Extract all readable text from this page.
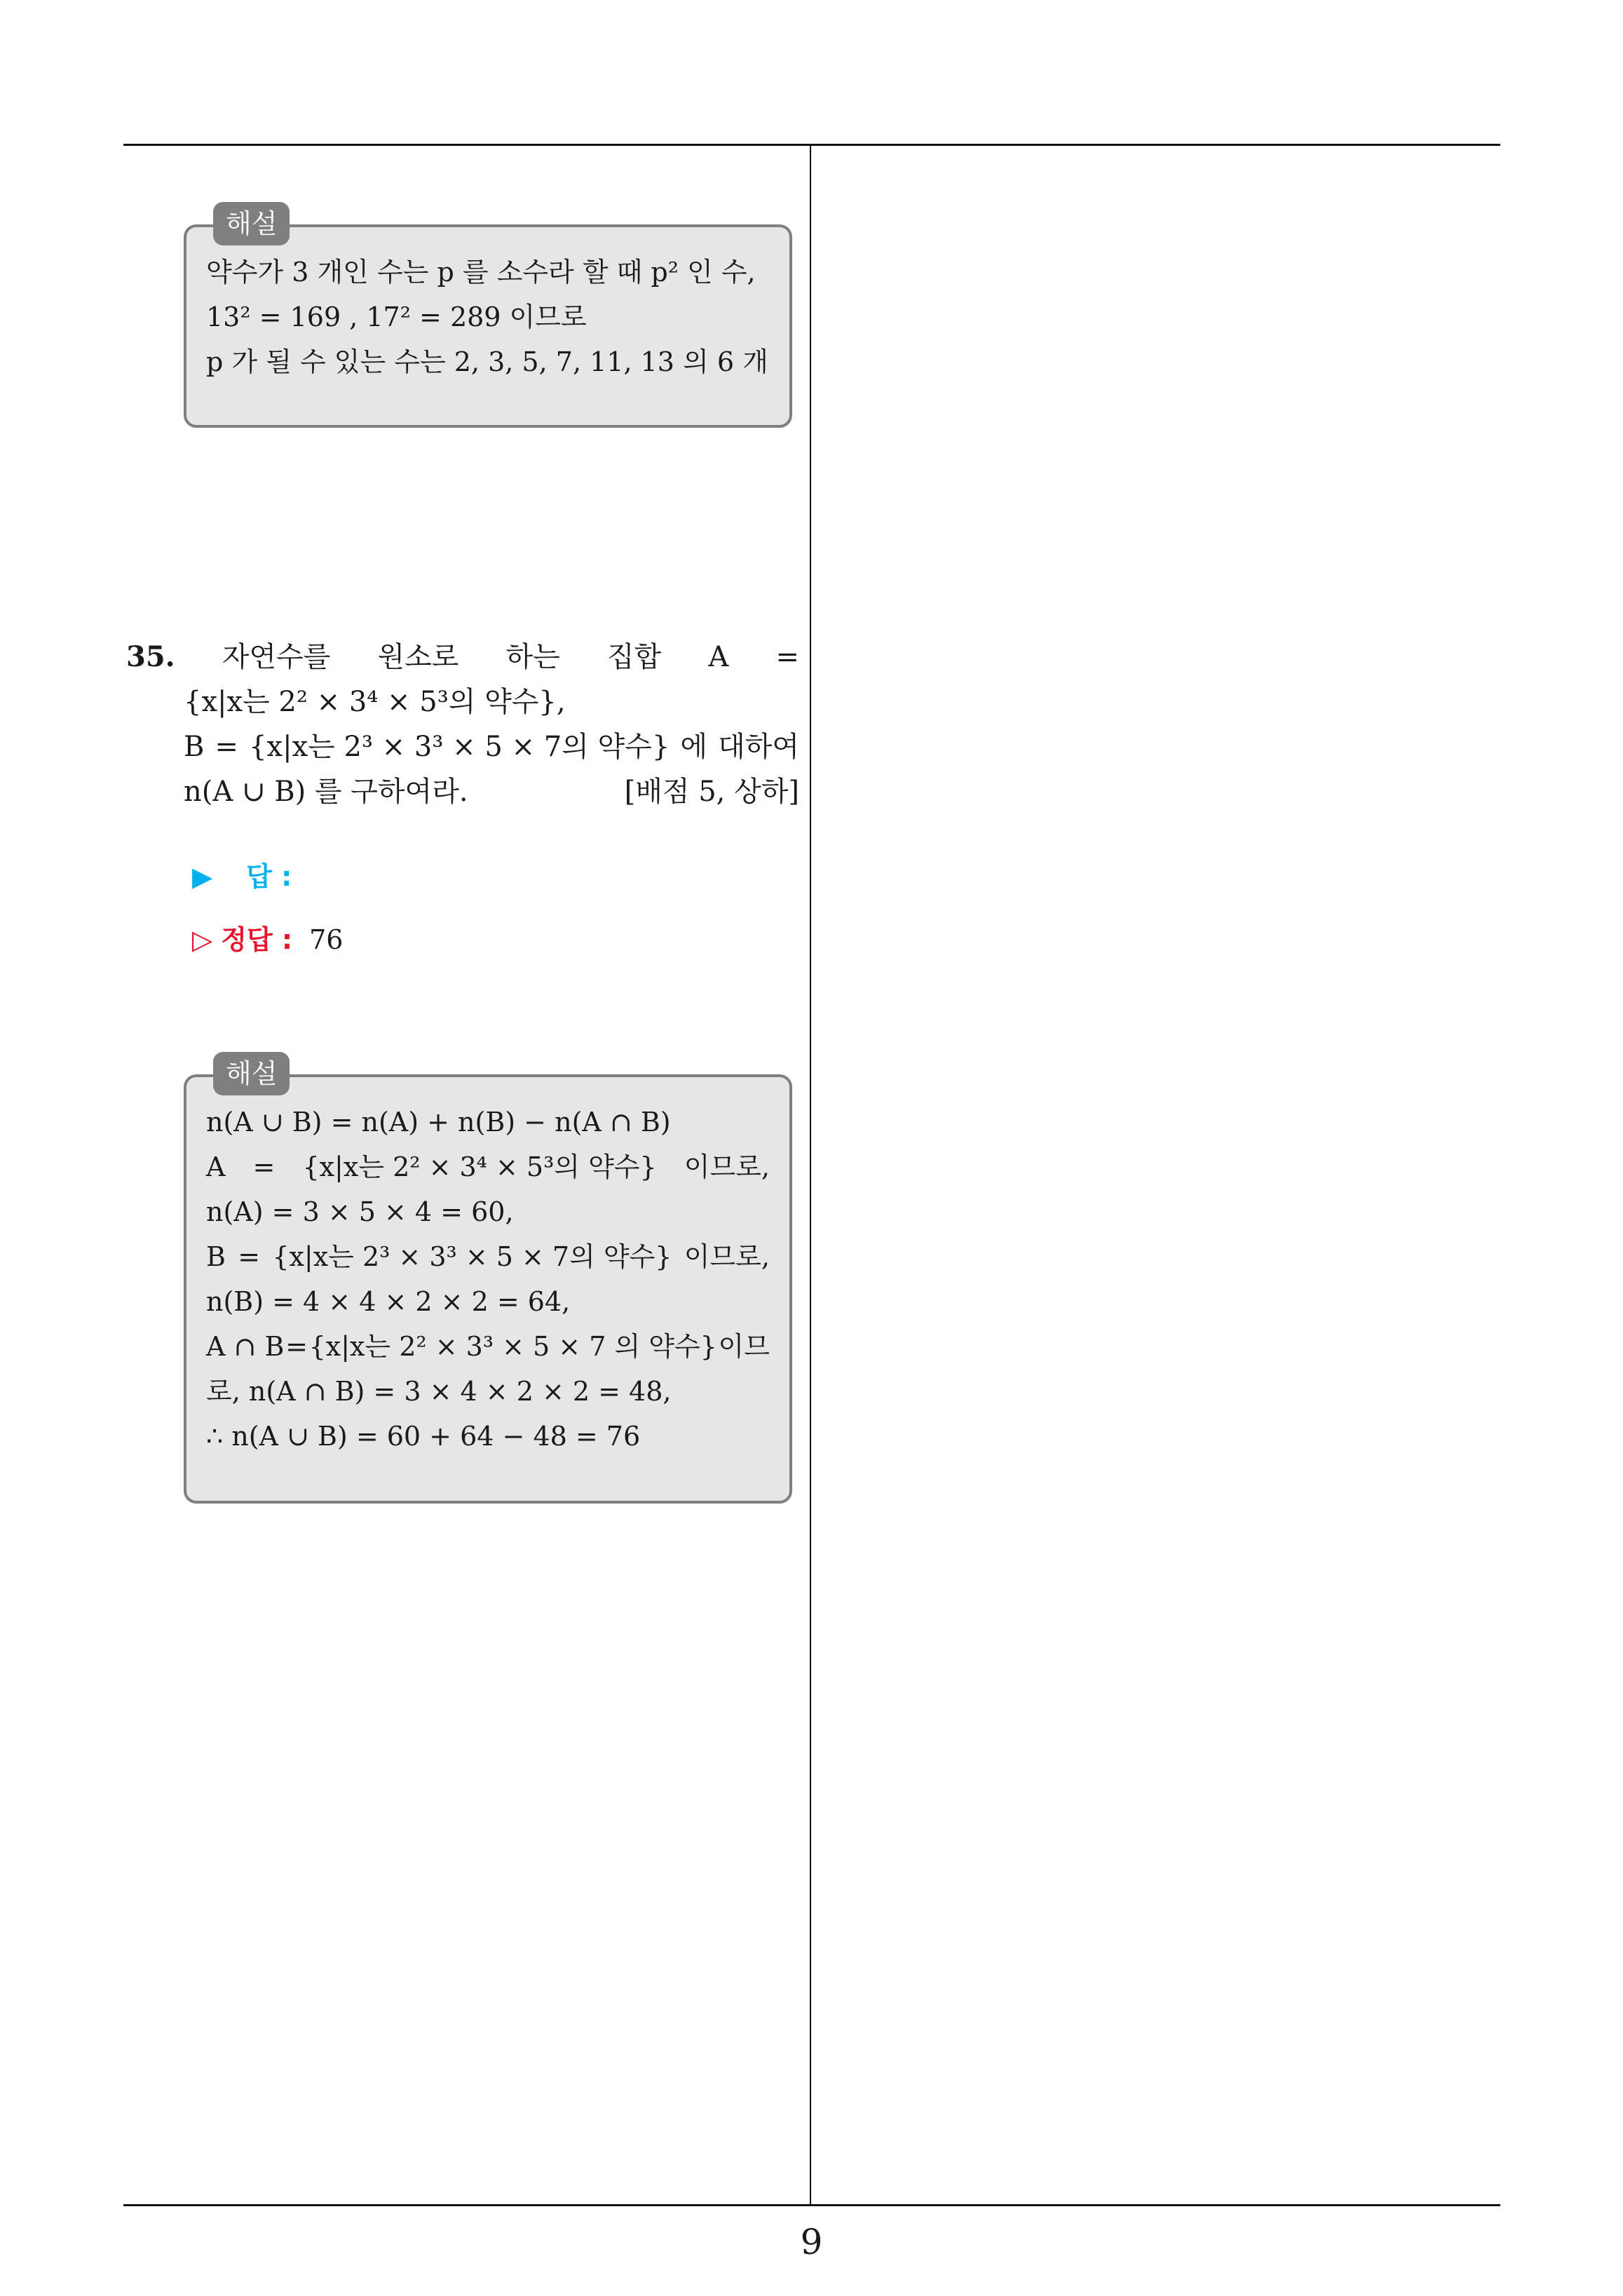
해설
약수가 3 개인 수는 p 를 소수라 할 때 p² 인 수,
13² = 169 , 17² = 289 이므로
p 가 될 수 있는 수는 2, 3, 5, 7, 11, 13 의 6 개
35. 자연수를 원소로 하는 집합 A =
{x|x는 2² × 3⁴ × 5³의 약수},
B = {x|x는 2³ × 3³ × 5 × 7의 약수} 에 대하여
n(A ∪ B) 를 구하여라.	[배점 5, 상하]
▶ 답 :
▷ 정답 : 76
해설
n(A ∪ B) = n(A) + n(B) − n(A ∩ B)
A = {x|x는 2² × 3⁴ × 5³의 약수} 이므로,
n(A) = 3 × 5 × 4 = 60,
B = {x|x는 2³ × 3³ × 5 × 7의 약수} 이므로,
n(B) = 4 × 4 × 2 × 2 = 64,
A ∩ B = {x|x는 2² × 3³ × 5 × 7 의 약수} 이므
로, n(A ∩ B) = 3 × 4 × 2 × 2 = 48,
∴ n(A ∪ B) = 60 + 64 − 48 = 76
9
